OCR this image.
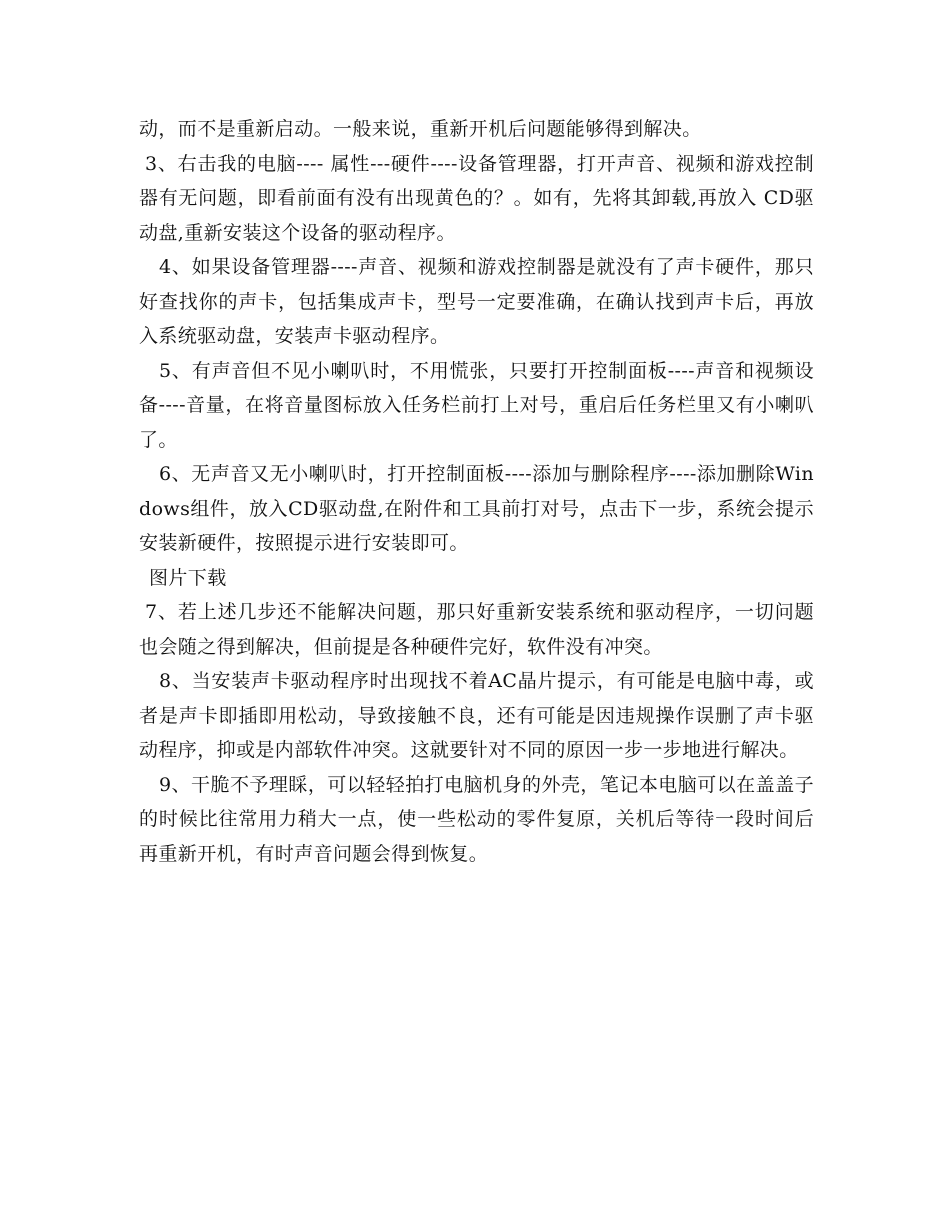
动，而不是重新启动。一般来说，重新开机后问题能够得到解决。

3、右击我的电脑---- 属性---硬件----设备管理器，打开声音、视频和游戏控制器有无问题，即看前面有没有出现黄色的？。如有，先将其卸载,再放入 CD驱动盘,重新安装这个设备的驱动程序。

4、如果设备管理器----声音、视频和游戏控制器是就没有了声卡硬件，那只好查找你的声卡，包括集成声卡，型号一定要准确，在确认找到声卡后，再放入系统驱动盘，安装声卡驱动程序。

5、有声音但不见小喇叭时，不用慌张，只要打开控制面板----声音和视频设备----音量，在将音量图标放入任务栏前打上对号，重启后任务栏里又有小喇叭了。

6、无声音又无小喇叭时，打开控制面板----添加与删除程序----添加删除Windows组件，放入CD驱动盘,在附件和工具前打对号，点击下一步，系统会提示安装新硬件，按照提示进行安装即可。

图片下载

7、若上述几步还不能解决问题，那只好重新安装系统和驱动程序，一切问题也会随之得到解决，但前提是各种硬件完好，软件没有冲突。

8、当安装声卡驱动程序时出现找不着AC晶片提示，有可能是电脑中毒，或者是声卡即插即用松动，导致接触不良，还有可能是因违规操作误删了声卡驱动程序，抑或是内部软件冲突。这就要针对不同的原因一步一步地进行解决。

9、干脆不予理睬，可以轻轻拍打电脑机身的外壳，笔记本电脑可以在盖盖子的时候比往常用力稍大一点，使一些松动的零件复原，关机后等待一段时间后再重新开机，有时声音问题会得到恢复。
